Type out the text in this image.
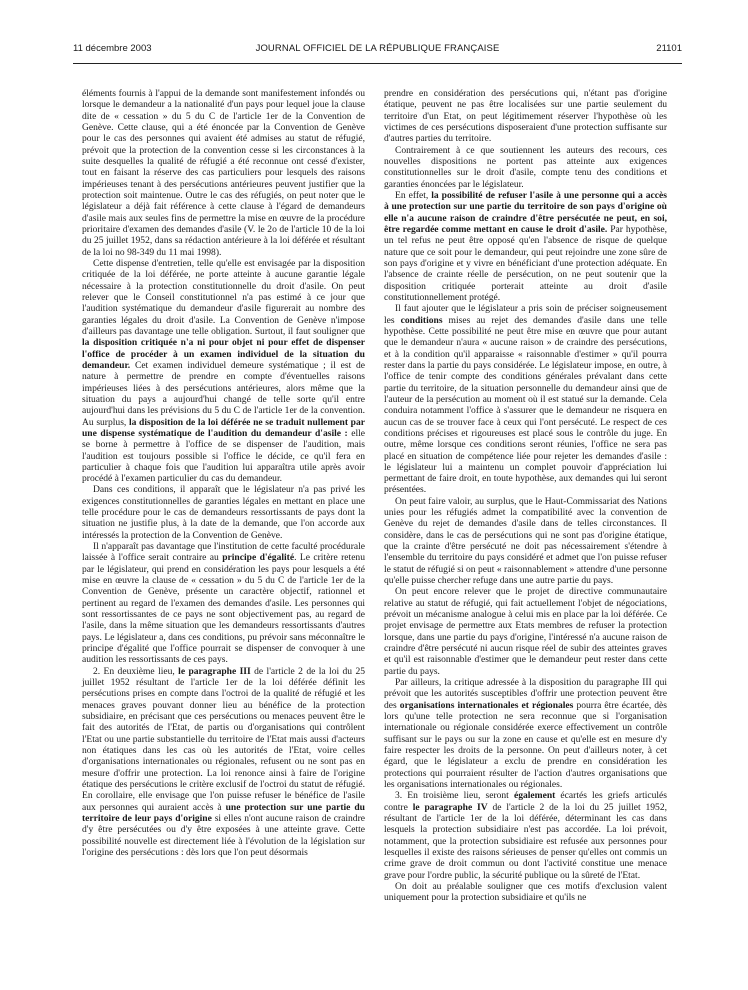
11 décembre 2003	JOURNAL OFFICIEL DE LA RÉPUBLIQUE FRANÇAISE	21101

éléments fournis à l'appui de la demande sont manifestement infondés ou lorsque le demandeur a la nationalité d'un pays pour lequel joue la clause dite de « cessation » du 5 du C de l'article 1er de la Convention de Genève. Cette clause, qui a été énoncée par la Convention de Genève pour le cas des personnes qui avaient été admises au statut de réfugié, prévoit que la protection de la convention cesse si les circonstances à la suite desquelles la qualité de réfugié a été reconnue ont cessé d'exister, tout en faisant la réserve des cas particuliers pour lesquels des raisons impérieuses tenant à des persécutions antérieures peuvent justifier que la protection soit maintenue. Outre le cas des réfugiés, on peut noter que le législateur a déjà fait référence à cette clause à l'égard de demandeurs d'asile mais aux seules fins de permettre la mise en œuvre de la procédure prioritaire d'examen des demandes d'asile (V. le 2o de l'article 10 de la loi du 25 juillet 1952, dans sa rédaction antérieure à la loi déférée et résultant de la loi no 98-349 du 11 mai 1998).

Cette dispense d'entretien, telle qu'elle est envisagée par la disposition critiquée de la loi déférée, ne porte atteinte à aucune garantie légale nécessaire à la protection constitutionnelle du droit d'asile. On peut relever que le Conseil constitutionnel n'a pas estimé à ce jour que l'audition systématique du demandeur d'asile figurerait au nombre des garanties légales du droit d'asile. La Convention de Genève n'impose d'ailleurs pas davantage une telle obligation. Surtout, il faut souligner que la disposition critiquée n'a ni pour objet ni pour effet de dispenser l'office de procéder à un examen individuel de la situation du demandeur. Cet examen individuel demeure systématique ; il est de nature à permettre de prendre en compte d'éventuelles raisons impérieuses liées à des persécutions antérieures, alors même que la situation du pays a aujourd'hui changé de telle sorte qu'il entre aujourd'hui dans les prévisions du 5 du C de l'article 1er de la convention. Au surplus, la disposition de la loi déférée ne se traduit nullement par une dispense systématique de l'audition du demandeur d'asile : elle se borne à permettre à l'office de se dispenser de l'audition, mais l'audition est toujours possible si l'office le décide, ce qu'il fera en particulier à chaque fois que l'audition lui apparaîtra utile après avoir procédé à l'examen particulier du cas du demandeur.

Dans ces conditions, il apparaît que le législateur n'a pas privé les exigences constitutionnelles de garanties légales en mettant en place une telle procédure pour le cas de demandeurs ressortissants de pays dont la situation ne justifie plus, à la date de la demande, que l'on accorde aux intéressés la protection de la Convention de Genève.

Il n'apparaît pas davantage que l'institution de cette faculté procédurale laissée à l'office serait contraire au principe d'égalité. Le critère retenu par le législateur, qui prend en considération les pays pour lesquels a été mise en œuvre la clause de « cessation » du 5 du C de l'article 1er de la Convention de Genève, présente un caractère objectif, rationnel et pertinent au regard de l'examen des demandes d'asile. Les personnes qui sont ressortissantes de ce pays ne sont objectivement pas, au regard de l'asile, dans la même situation que les demandeurs ressortissants d'autres pays. Le législateur a, dans ces conditions, pu prévoir sans méconnaître le principe d'égalité que l'office pourrait se dispenser de convoquer à une audition les ressortissants de ces pays.

2. En deuxième lieu, le paragraphe III de l'article 2 de la loi du 25 juillet 1952 résultant de l'article 1er de la loi déférée définit les persécutions prises en compte dans l'octroi de la qualité de réfugié et les menaces graves pouvant donner lieu au bénéfice de la protection subsidiaire, en précisant que ces persécutions ou menaces peuvent être le fait des autorités de l'Etat, de partis ou d'organisations qui contrôlent l'Etat ou une partie substantielle du territoire de l'Etat mais aussi d'acteurs non étatiques dans les cas où les autorités de l'Etat, voire celles d'organisations internationales ou régionales, refusent ou ne sont pas en mesure d'offrir une protection. La loi renonce ainsi à faire de l'origine étatique des persécutions le critère exclusif de l'octroi du statut de réfugié. En corollaire, elle envisage que l'on puisse refuser le bénéfice de l'asile aux personnes qui auraient accès à une protection sur une partie du territoire de leur pays d'origine si elles n'ont aucune raison de craindre d'y être persécutées ou d'y être exposées à une atteinte grave. Cette possibilité nouvelle est directement liée à l'évolution de la législation sur l'origine des persécutions : dès lors que l'on peut désormais

prendre en considération des persécutions qui, n'étant pas d'origine étatique, peuvent ne pas être localisées sur une partie seulement du territoire d'un Etat, on peut légitimement réserver l'hypothèse où les victimes de ces persécutions disposeraient d'une protection suffisante sur d'autres parties du territoire.

Contrairement à ce que soutiennent les auteurs des recours, ces nouvelles dispositions ne portent pas atteinte aux exigences constitutionnelles sur le droit d'asile, compte tenu des conditions et garanties énoncées par le législateur.

En effet, la possibilité de refuser l'asile à une personne qui a accès à une protection sur une partie du territoire de son pays d'origine où elle n'a aucune raison de craindre d'être persécutée ne peut, en soi, être regardée comme mettant en cause le droit d'asile. Par hypothèse, un tel refus ne peut être opposé qu'en l'absence de risque de quelque nature que ce soit pour le demandeur, qui peut rejoindre une zone sûre de son pays d'origine et y vivre en bénéficiant d'une protection adéquate. En l'absence de crainte réelle de persécution, on ne peut soutenir que la disposition critiquée porterait atteinte au droit d'asile constitutionnellement protégé.

Il faut ajouter que le législateur a pris soin de préciser soigneusement les conditions mises au rejet des demandes d'asile dans une telle hypothèse. Cette possibilité ne peut être mise en œuvre que pour autant que le demandeur n'aura « aucune raison » de craindre des persécutions, et à la condition qu'il apparaisse « raisonnable d'estimer » qu'il pourra rester dans la partie du pays considérée. Le législateur impose, en outre, à l'office de tenir compte des conditions générales prévalant dans cette partie du territoire, de la situation personnelle du demandeur ainsi que de l'auteur de la persécution au moment où il est statué sur la demande. Cela conduira notamment l'office à s'assurer que le demandeur ne risquera en aucun cas de se trouver face à ceux qui l'ont persécuté. Le respect de ces conditions précises et rigoureuses est placé sous le contrôle du juge. En outre, même lorsque ces conditions seront réunies, l'office ne sera pas placé en situation de compétence liée pour rejeter les demandes d'asile : le législateur lui a maintenu un complet pouvoir d'appréciation lui permettant de faire droit, en toute hypothèse, aux demandes qui lui seront présentées.

On peut faire valoir, au surplus, que le Haut-Commissariat des Nations unies pour les réfugiés admet la compatibilité avec la convention de Genève du rejet de demandes d'asile dans de telles circonstances. Il considère, dans le cas de persécutions qui ne sont pas d'origine étatique, que la crainte d'être persécuté ne doit pas nécessairement s'étendre à l'ensemble du territoire du pays considéré et admet que l'on puisse refuser le statut de réfugié si on peut « raisonnablement » attendre d'une personne qu'elle puisse chercher refuge dans une autre partie du pays.

On peut encore relever que le projet de directive communautaire relative au statut de réfugié, qui fait actuellement l'objet de négociations, prévoit un mécanisme analogue à celui mis en place par la loi déférée. Ce projet envisage de permettre aux Etats membres de refuser la protection lorsque, dans une partie du pays d'origine, l'intéressé n'a aucune raison de craindre d'être persécuté ni aucun risque réel de subir des atteintes graves et qu'il est raisonnable d'estimer que le demandeur peut rester dans cette partie du pays.

Par ailleurs, la critique adressée à la disposition du paragraphe III qui prévoit que les autorités susceptibles d'offrir une protection peuvent être des organisations internationales et régionales pourra être écartée, dès lors qu'une telle protection ne sera reconnue que si l'organisation internationale ou régionale considérée exerce effectivement un contrôle suffisant sur le pays ou sur la zone en cause et qu'elle est en mesure d'y faire respecter les droits de la personne. On peut d'ailleurs noter, à cet égard, que le législateur a exclu de prendre en considération les protections qui pourraient résulter de l'action d'autres organisations que les organisations internationales ou régionales.

3. En troisième lieu, seront également écartés les griefs articulés contre le paragraphe IV de l'article 2 de la loi du 25 juillet 1952, résultant de l'article 1er de la loi déférée, déterminant les cas dans lesquels la protection subsidiaire n'est pas accordée. La loi prévoit, notamment, que la protection subsidiaire est refusée aux personnes pour lesquelles il existe des raisons sérieuses de penser qu'elles ont commis un crime grave de droit commun ou dont l'activité constitue une menace grave pour l'ordre public, la sécurité publique ou la sûreté de l'Etat.

On doit au préalable souligner que ces motifs d'exclusion valent uniquement pour la protection subsidiaire et qu'ils ne
